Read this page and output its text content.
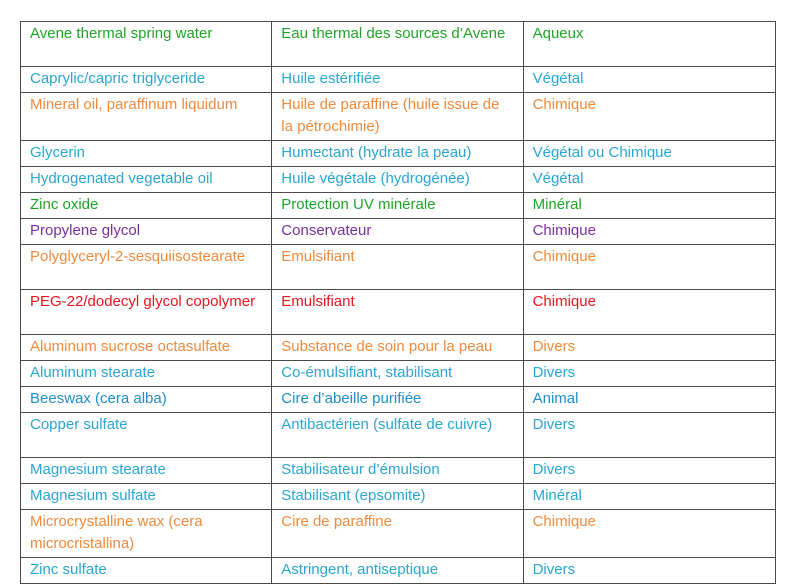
Avene thermal spring water	Eau thermal des sources d’Avene	Aqueux
Caprylic/capric triglyceride	Huile estérifiée	Végétal
Mineral oil, paraffinum liquidum	Huile de paraffine (huile issue de la pétrochimie)	Chimique
Glycerin	Humectant (hydrate la peau)	Végétal ou Chimique
Hydrogenated vegetable oil	Huile végétale (hydrogénée)	Végétal
Zinc oxide	Protection UV minérale	Minéral
Propylene glycol	Conservateur	Chimique
Polyglyceryl-2-sesquiisostearate	Emulsifiant	Chimique
PEG-22/dodecyl glycol copolymer	Emulsifiant	Chimique
Aluminum sucrose octasulfate	Substance de soin pour la peau	Divers
Aluminum stearate	Co-émulsifiant, stabilisant	Divers
Beeswax (cera alba)	Cire d’abeille purifiée	Animal
Copper sulfate	Antibactérien (sulfate de cuivre)	Divers
Magnesium stearate	Stabilisateur d’émulsion	Divers
Magnesium sulfate	Stabilisant (epsomite)	Minéral
Microcrystalline wax (cera microcristallina)	Cire de paraffine	Chimique
Zinc sulfate	Astringent, antiseptique	Divers
